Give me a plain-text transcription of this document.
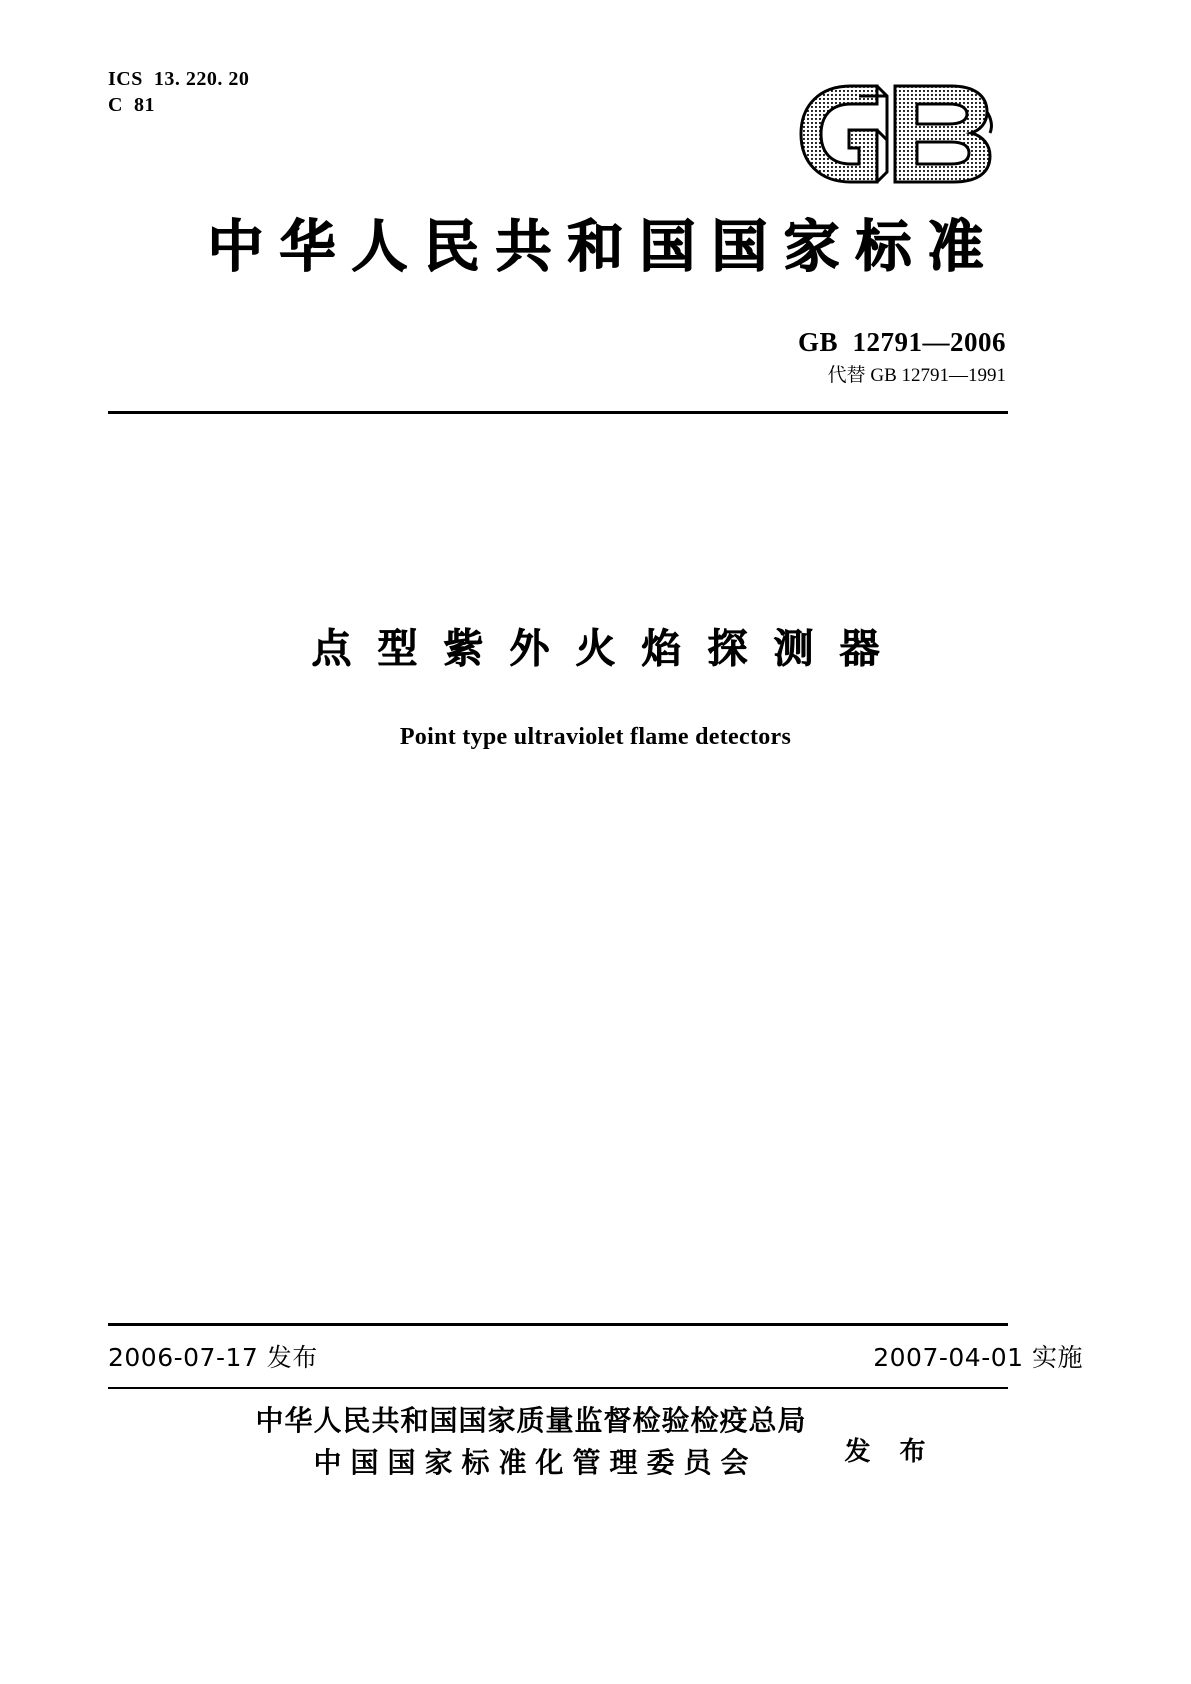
ICS  13. 220. 20
C  81
中华人民共和国国家标准
GB  12791—2006
代替 GB 12791—1991
点型紫外火焰探测器
Point type ultraviolet flame detectors
2006-07-17 发布	2007-04-01 实施
中华人民共和国国家质量监督检验检疫总局
中国国家标准化管理委员会	发 布
